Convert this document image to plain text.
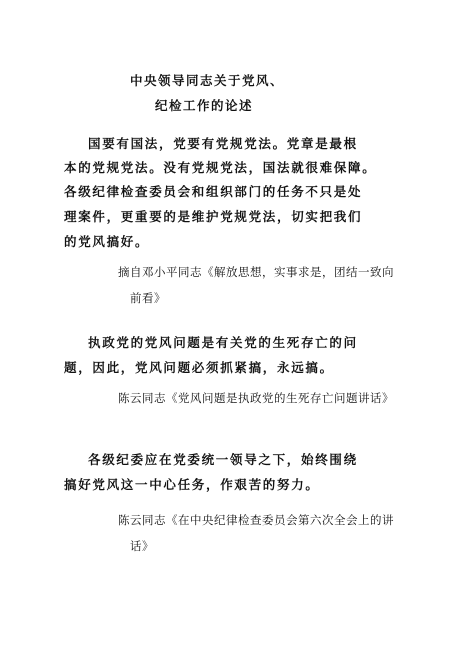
中央领导同志关于党风、
纪检工作的论述
国要有国法，党要有党规党法。党章是最根
本的党规党法。没有党规党法，国法就很难保障。
各级纪律检查委员会和组织部门的任务不只是处
理案件，更重要的是维护党规党法，切实把我们
的党风搞好。
摘自邓小平同志《解放思想，实事求是，团结一致向
前看》
执政党的党风问题是有关党的生死存亡的问
题，因此，党风问题必须抓紧搞，永远搞。
陈云同志《党风问题是执政党的生死存亡问题讲话》
各级纪委应在党委统一领导之下，始终围绕
搞好党风这一中心任务，作艰苦的努力。
陈云同志《在中央纪律检查委员会第六次全会上的讲
话》
